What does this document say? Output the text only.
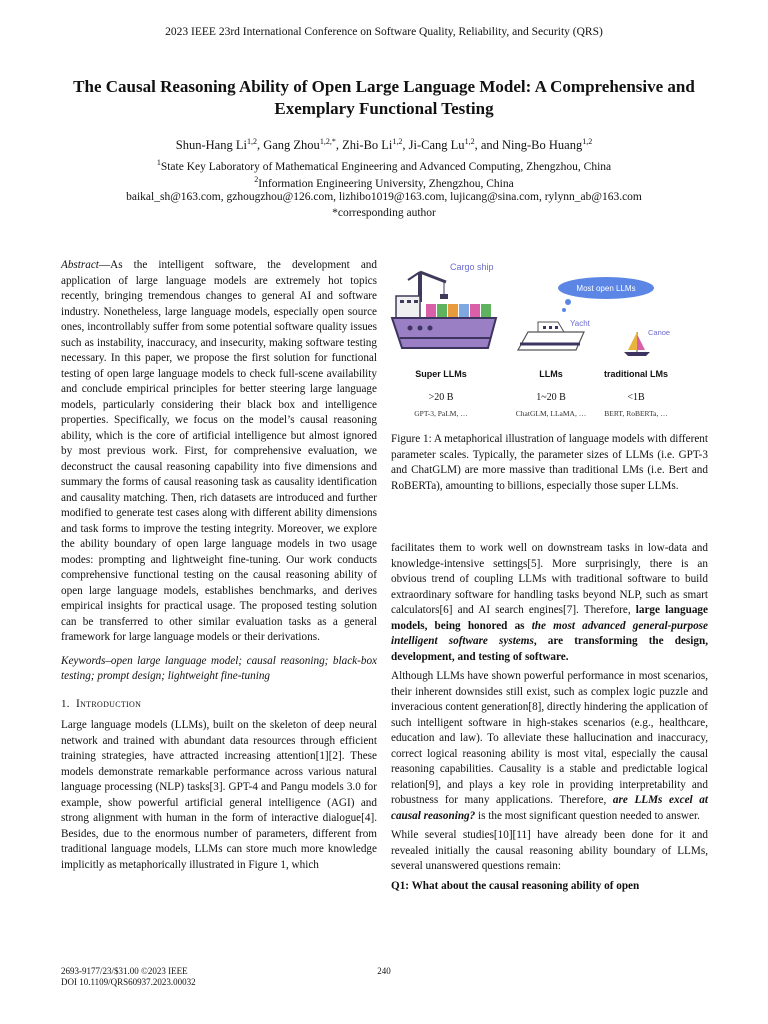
2023 IEEE 23rd International Conference on Software Quality, Reliability, and Security (QRS)
The Causal Reasoning Ability of Open Large Language Model: A Comprehensive and
Exemplary Functional Testing
Shun-Hang Li$^{1,2}$, Gang Zhou$^{1,2,*}$, Zhi-Bo Li$^{1,2}$, Ji-Cang Lu$^{1,2}$, and Ning-Bo Huang$^{1,2}$
$^1$State Key Laboratory of Mathematical Engineering and Advanced Computing, Zhengzhou, China
$^2$Information Engineering University, Zhengzhou, China
baikal_sh@163.com, gzhougzhou@126.com, lizhibo1019@163.com, lujicang@sina.com, rylynn_ab@163.com
*corresponding author

Abstract—As the intelligent software, the development and application of large language models are extremely hot topics recently, bringing tremendous changes to general AI and software industry. Nonetheless, large language models, especially open source ones, incontrollably suffer from some potential software quality issues such as instability, inaccuracy, and insecurity, making software testing necessary. In this paper, we propose the first solution for functional testing of open large language models to check full-scene availability and conclude empirical principles for better steering large language models, particularly considering their black box and intelligence properties. Specifically, we focus on the model’s causal reasoning ability, which is the core of artificial intelligence but almost ignored by most previous work. First, for comprehensive evaluation, we deconstruct the causal reasoning capability into five dimensions and summary the forms of causal reasoning task as causality identification and causality matching. Then, rich datasets are introduced and further modified to generate test cases along with different ability dimensions and task forms to improve the testing integrity. Moreover, we explore the ability boundary of open large language models in two usage modes: prompting and lightweight fine-tuning. Our work conducts comprehensive functional testing on the causal reasoning ability of open large language models, establishes benchmarks, and derives empirical insights for practical usage. The proposed testing solution can be transferred to other similar evaluation tasks as a general framework for large language models or their derivations.

Keywords–open large language model; causal reasoning; black-box testing; prompt design; lightweight fine-tuning

1. Introduction

Large language models (LLMs), built on the skeleton of deep neural network and trained with abundant data resources through efficient training strategies, have attracted increasing attention[1][2]. These models demonstrate remarkable performance across various natural language processing (NLP) tasks[3]. GPT-4 and Pangu models 3.0 for example, show powerful artificial general intelligence (AGI) and strong alignment with human in the form of interactive dialogue[4]. Besides, due to the enormous number of parameters, different from traditional language models, LLMs can store much more knowledge implicitly as metaphorically illustrated in Figure 1, which

Cargo ship
Most open LLMs
Yacht
Canoe
Super LLMs	LLMs	traditional LMs
>20 B	1~20 B	<1B
GPT-3, PaLM, …	ChatGLM, LLaMA, … BERT, RoBERTa, …

Figure 1: A metaphorical illustration of language models with different parameter scales. Typically, the parameter sizes of LLMs (i.e. GPT-3 and ChatGLM) are more massive than traditional LMs (i.e. Bert and RoBERTa), amounting to billions, especially those super LLMs.

facilitates them to work well on downstream tasks in low-data and knowledge-intensive settings[5]. More surprisingly, there is an obvious trend of coupling LLMs with traditional software to build extraordinary software for handling tasks beyond NLP, such as smart calculators[6] and AI search engines[7]. Therefore, large language models, being honored as the most advanced general-purpose intelligent software systems, are transforming the design, development, and testing of software.

Although LLMs have shown powerful performance in most scenarios, their inherent downsides still exist, such as complex logic puzzle and inveracious content generation[8], directly hindering the application of such intelligent software in high-stakes scenarios (e.g., healthcare, education and law). To alleviate these hallucination and inaccuracy, correct logical reasoning ability is most vital, especially the causal reasoning capabilities. Causality is a stable and predictable logical relation[9], and plays a key role in providing interpretability and robustness for many applications. Therefore, are LLMs excel at causal reasoning? is the most significant question needed to answer.

While several studies[10][11] have already been done for it and revealed initially the causal reasoning ability boundary of LLMs, several unanswered questions remain:

Q1: What about the causal reasoning ability of open

2693-9177/23/$31.00 ©2023 IEEE
DOI 10.1109/QRS60937.2023.00032
240
